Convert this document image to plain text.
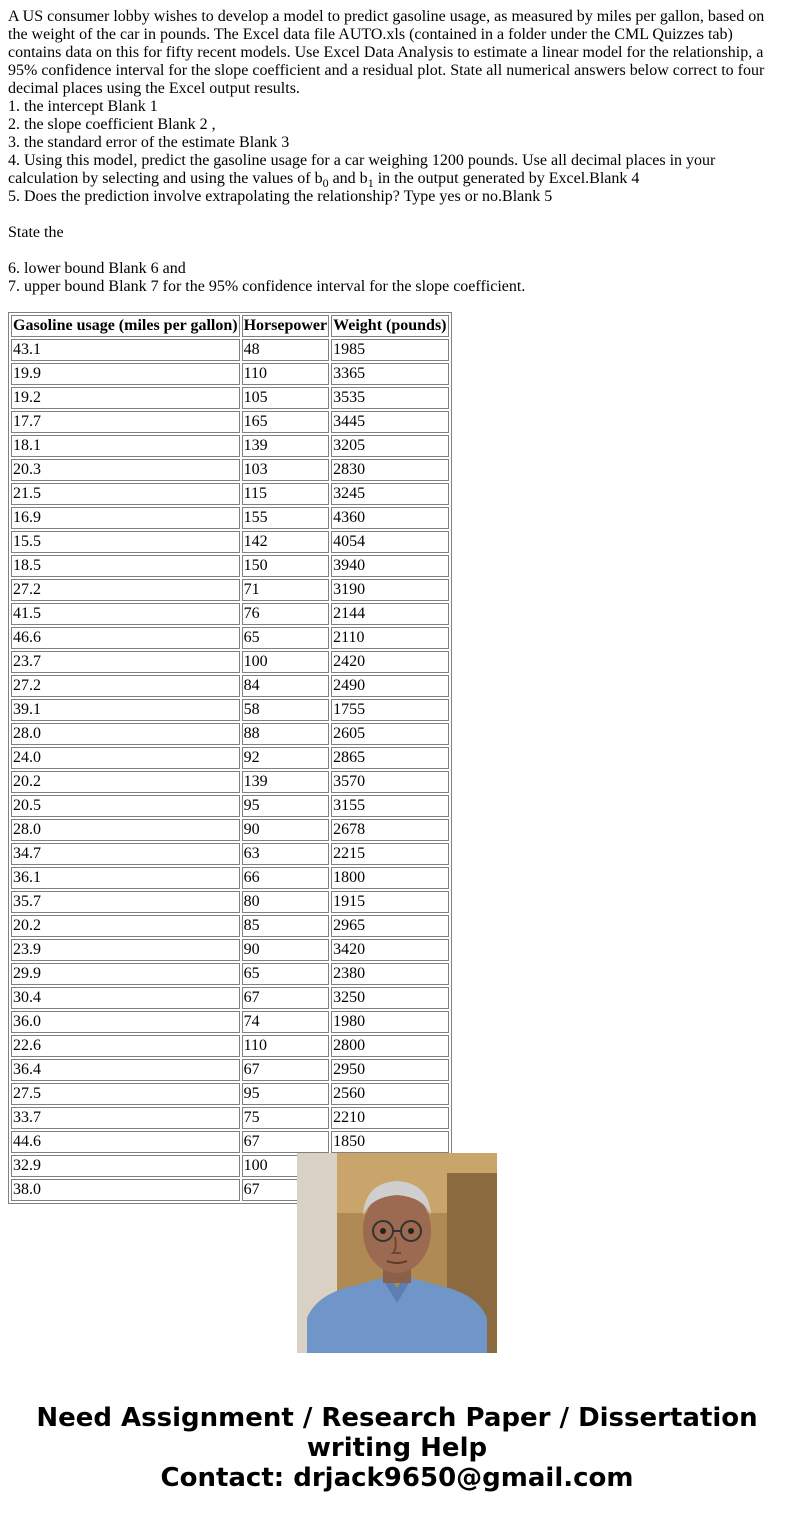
A US consumer lobby wishes to develop a model to predict gasoline usage, as measured by miles per gallon, based on the weight of the car in pounds. The Excel data file AUTO.xls (contained in a folder under the CML Quizzes tab) contains data on this for fifty recent models. Use Excel Data Analysis to estimate a linear model for the relationship, a 95% confidence interval for the slope coefficient and a residual plot. State all numerical answers below correct to four decimal places using the Excel output results.

1. the intercept Blank 1
2. the slope coefficient Blank 2 ,
3. the standard error of the estimate Blank 3
4. Using this model, predict the gasoline usage for a car weighing 1200 pounds. Use all decimal places in your calculation by selecting and using the values of $b_0$ and $b_1$ in the output generated by Excel.Blank 4
5. Does the prediction involve extrapolating the relationship? Type yes or no.Blank 5
State the
6. lower bound Blank 6 and
7. upper bound Blank 7 for the 95% confidence interval for the slope coefficient.
Gasoline usage (miles per gallon)	Horsepower	Weight (pounds)
43.1	48	1985
19.9	110	3365
19.2	105	3535
17.7	165	3445
18.1	139	3205
20.3	103	2830
21.5	115	3245
16.9	155	4360
15.5	142	4054
18.5	150	3940
27.2	71	3190
41.5	76	2144
46.6	65	2110
23.7	100	2420
27.2	84	2490
39.1	58	1755
28.0	88	2605
24.0	92	2865
20.2	139	3570
20.5	95	3155
28.0	90	2678
34.7	63	2215
36.1	66	1800
35.7	80	1915
20.2	85	2965
23.9	90	3420
29.9	65	2380
30.4	67	3250
36.0	74	1980
22.6	110	2800
36.4	67	2950
27.5	95	2560
33.7	75	2210
44.6	67	1850
32.9	100	
38.0	67	
Need Assignment / Research Paper / Dissertation
writing Help
Contact: drjack9650@gmail.com
